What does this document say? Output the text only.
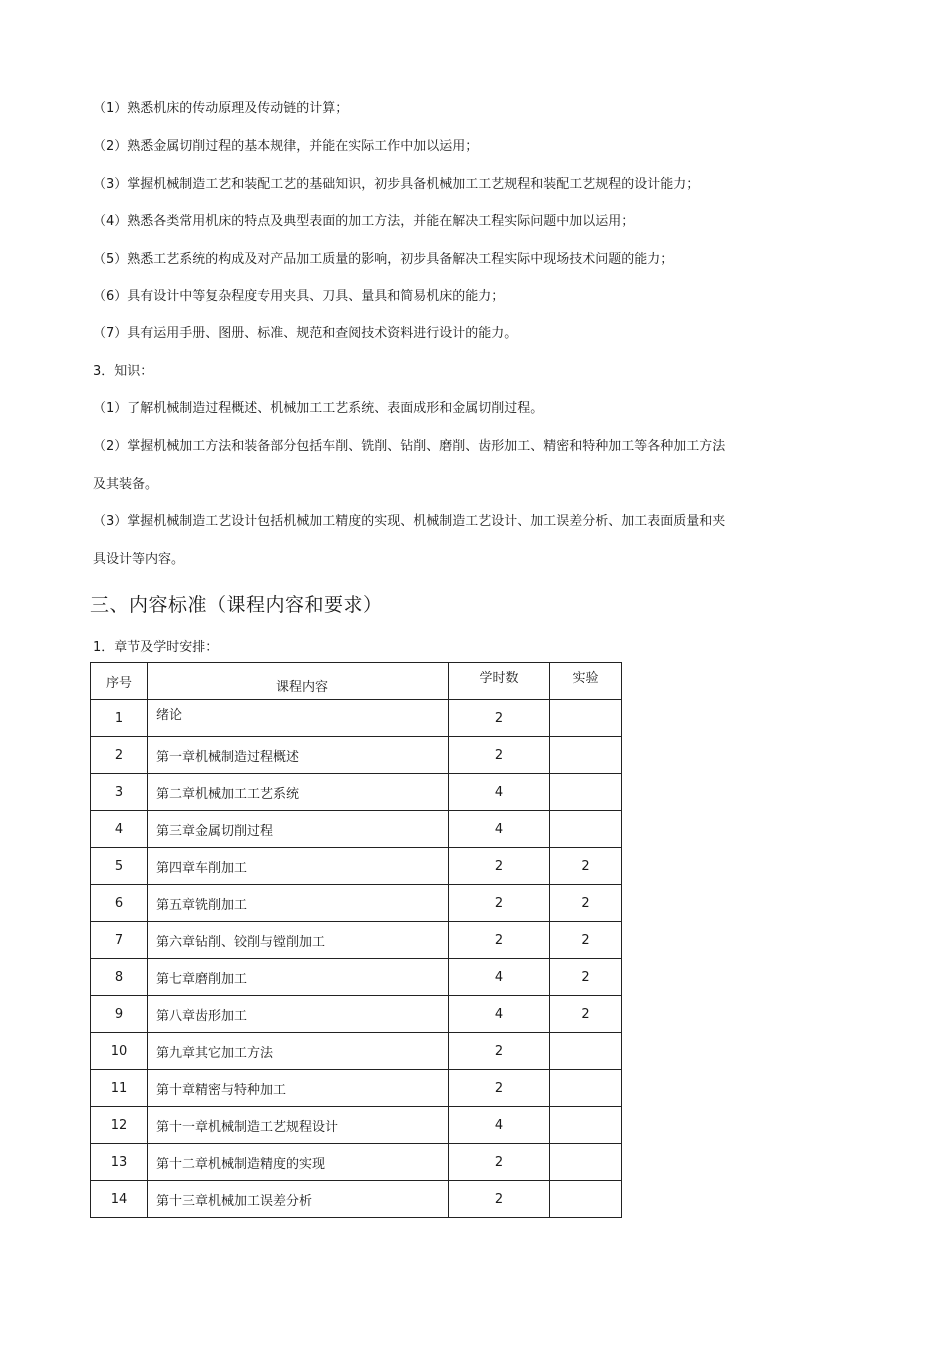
（1）熟悉机床的传动原理及传动链的计算；
（2）熟悉金属切削过程的基本规律，并能在实际工作中加以运用；
（3）掌握机械制造工艺和装配工艺的基础知识，初步具备机械加工工艺规程和装配工艺规程的设计能力；
（4）熟悉各类常用机床的特点及典型表面的加工方法，并能在解决工程实际问题中加以运用；
（5）熟悉工艺系统的构成及对产品加工质量的影响，初步具备解决工程实际中现场技术问题的能力；
（6）具有设计中等复杂程度专用夹具、刀具、量具和简易机床的能力；
（7）具有运用手册、图册、标准、规范和查阅技术资料进行设计的能力。
3．知识：
（1）了解机械制造过程概述、机械加工工艺系统、表面成形和金属切削过程。
（2）掌握机械加工方法和装备部分包括车削、铣削、钻削、磨削、齿形加工、精密和特种加工等各种加工方法
及其装备。
（3）掌握机械制造工艺设计包括机械加工精度的实现、机械制造工艺设计、加工误差分析、加工表面质量和夹
具设计等内容。
三、内容标准（课程内容和要求）
1．章节及学时安排：
序号	课程内容	学时数	实验
1	绪论	2	
2	第一章机械制造过程概述	2	
3	第二章机械加工工艺系统	4	
4	第三章金属切削过程	4	
5	第四章车削加工	2	2
6	第五章铣削加工	2	2
7	第六章钻削、铰削与镗削加工	2	2
8	第七章磨削加工	4	2
9	第八章齿形加工	4	2
10	第九章其它加工方法	2	
11	第十章精密与特种加工	2	
12	第十一章机械制造工艺规程设计	4	
13	第十二章机械制造精度的实现	2	
14	第十三章机械加工误差分析	2	
